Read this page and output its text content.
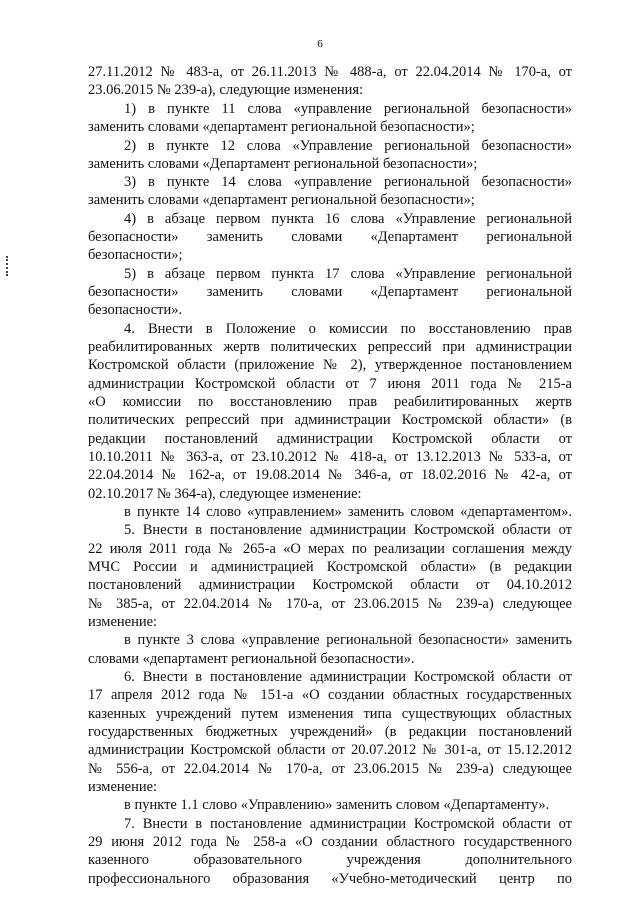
6
27.11.2012 № 483-а, от 26.11.2013 № 488-а, от 22.04.2014 № 170-а, от
23.06.2015 № 239-а), следующие изменения:
1) в пункте 11 слова «управление региональной безопасности»
заменить словами «департамент региональной безопасности»;
2) в пункте 12 слова «Управление региональной безопасности»
заменить словами «Департамент региональной безопасности»;
3) в пункте 14 слова «управление региональной безопасности»
заменить словами «департамент региональной безопасности»;
4) в абзаце первом пункта 16 слова «Управление региональной
безопасности» заменить словами «Департамент региональной
безопасности»;
5) в абзаце первом пункта 17 слова «Управление региональной
безопасности» заменить словами «Департамент региональной
безопасности».
4. Внести в Положение о комиссии по восстановлению прав
реабилитированных жертв политических репрессий при администрации
Костромской области (приложение № 2), утвержденное постановлением
администрации Костромской области от 7 июня 2011 года № 215-а
«О комиссии по восстановлению прав реабилитированных жертв
политических репрессий при администрации Костромской области» (в
редакции постановлений администрации Костромской области от
10.10.2011 № 363-а, от 23.10.2012 № 418-а, от 13.12.2013 № 533-а, от
22.04.2014 № 162-а, от 19.08.2014 № 346-а, от 18.02.2016 № 42-а, от
02.10.2017 № 364-а), следующее изменение:
в пункте 14 слово «управлением» заменить словом «департаментом».
5. Внести в постановление администрации Костромской области от
22 июля 2011 года № 265-а «О мерах по реализации соглашения между
МЧС России и администрацией Костромской области» (в редакции
постановлений администрации Костромской области от 04.10.2012
№ 385-а, от 22.04.2014 № 170-а, от 23.06.2015 № 239-а) следующее
изменение:
в пункте 3 слова «управление региональной безопасности» заменить
словами «департамент региональной безопасности».
6. Внести в постановление администрации Костромской области от
17 апреля 2012 года № 151-а «О создании областных государственных
казенных учреждений путем изменения типа существующих областных
государственных бюджетных учреждений» (в редакции постановлений
администрации Костромской области от 20.07.2012 № 301-а, от 15.12.2012
№ 556-а, от 22.04.2014 № 170-а, от 23.06.2015 № 239-а) следующее
изменение:
в пункте 1.1 слово «Управлению» заменить словом «Департаменту».
7. Внести в постановление администрации Костромской области от
29 июня 2012 года № 258-а «О создании областного государственного
казенного образовательного учреждения дополнительного
профессионального образования «Учебно-методический центр по
